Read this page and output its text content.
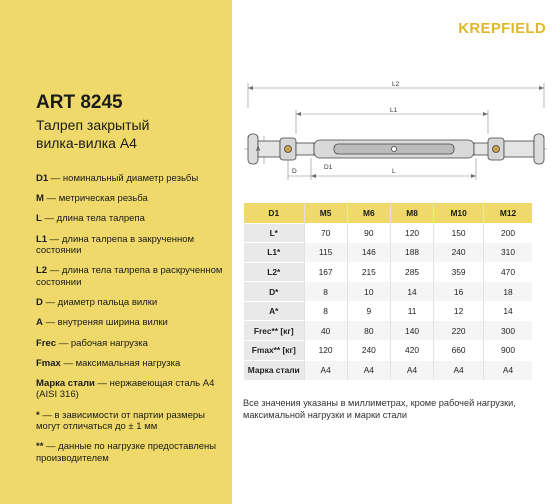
ART 8245
Талреп закрытый
вилка-вилка А4
D1 — номинальный диаметр резьбы
M — метрическая резьба
L — длина тела талрепа
L1 — длина талрепа в закрученном состоянии
L2 — длина тела талрепа в раскрученном состоянии
D — диаметр пальца вилки
A — внутреняя ширина вилки
Frec — рабочая нагрузка
Fmax — максимальная нагрузка
Марка стали — нержавеющая сталь А4 (AISI 316)
* — в зависимости от партии размеры могут отличаться до ± 1 мм
** — данные по нагрузке предоставлены производителем
KREPFIELD
L2
L1
A
D
D1
L
D1	M5	M6	M8	M10	M12
L*	70	90	120	150	200
L1*	115	146	188	240	310
L2*	167	215	285	359	470
D*	8	10	14	16	18
A*	8	9	11	12	14
Frec** [кг]	40	80	140	220	300
Fmax** [кг]	120	240	420	660	900
Марка стали	А4	А4	А4	А4	А4
Все значения указаны в миллиметрах, кроме рабочей нагрузки, максимальной нагрузки и марки стали
